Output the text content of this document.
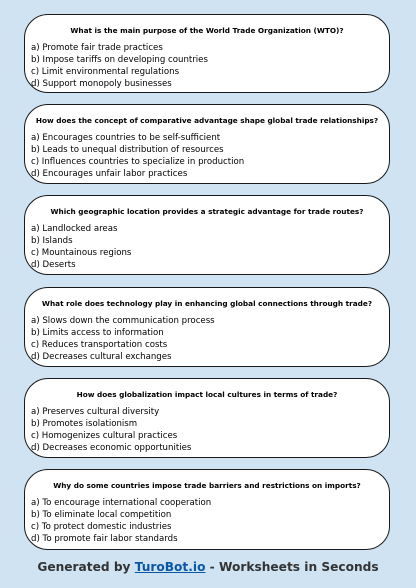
What is the main purpose of the World Trade Organization (WTO)?
a) Promote fair trade practices
b) Impose tariffs on developing countries
c) Limit environmental regulations
d) Support monopoly businesses
How does the concept of comparative advantage shape global trade relationships?
a) Encourages countries to be self-sufficient
b) Leads to unequal distribution of resources
c) Influences countries to specialize in production
d) Encourages unfair labor practices
Which geographic location provides a strategic advantage for trade routes?
a) Landlocked areas
b) Islands
c) Mountainous regions
d) Deserts
What role does technology play in enhancing global connections through trade?
a) Slows down the communication process
b) Limits access to information
c) Reduces transportation costs
d) Decreases cultural exchanges
How does globalization impact local cultures in terms of trade?
a) Preserves cultural diversity
b) Promotes isolationism
c) Homogenizes cultural practices
d) Decreases economic opportunities
Why do some countries impose trade barriers and restrictions on imports?
a) To encourage international cooperation
b) To eliminate local competition
c) To protect domestic industries
d) To promote fair labor standards
Generated by TuroBot.io - Worksheets in Seconds
